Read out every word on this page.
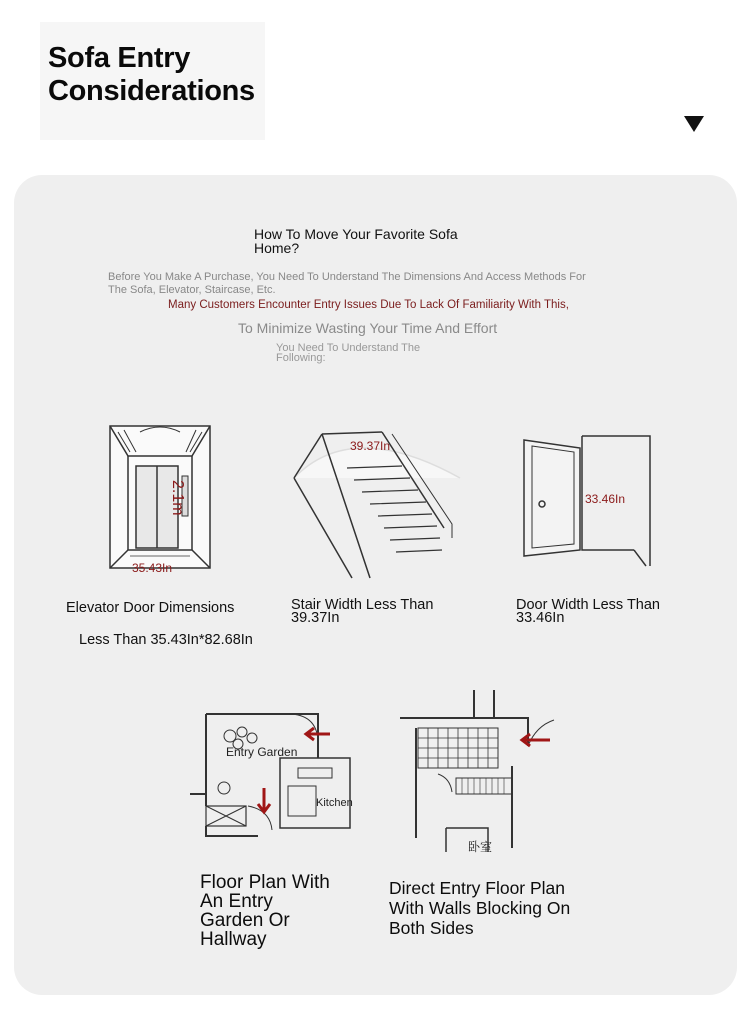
Sofa Entry
Considerations
How To Move Your Favorite Sofa
Home?
Before You Make A Purchase, You Need To Understand The Dimensions And Access Methods For
The Sofa, Elevator, Staircase, Etc.
Many Customers Encounter Entry Issues Due To Lack Of Familiarity With This,
To Minimize Wasting Your Time And Effort
You Need To Understand The
Following:
2.1m
35.43In
39.37In
33.46In
Elevator Door Dimensions
Less Than 35.43In*82.68In
Stair Width Less Than
39.37In
Door Width Less Than
33.46In
Entry Garden
Kitchen
卧室
Floor Plan With
An Entry
Garden Or
Hallway
Direct Entry Floor Plan
With Walls Blocking On
Both Sides
